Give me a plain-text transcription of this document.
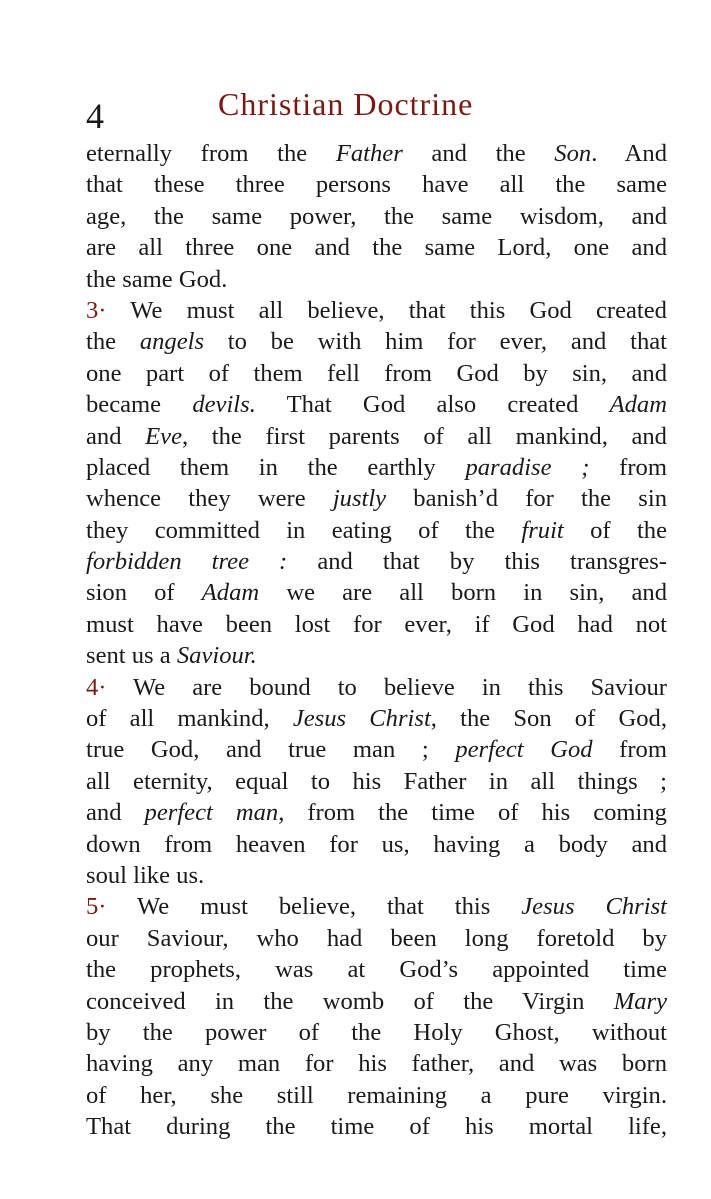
4	Christian Doctrine
eternally from the Father and the Son. And
that these three persons have all the same
age, the same power, the same wisdom, and
are all three one and the same Lord, one and
the same God.
3· We must all believe, that this God created
the angels to be with him for ever, and that
one part of them fell from God by sin, and
became devils. That God also created Adam
and Eve, the first parents of all mankind, and
placed them in the earthly paradise ; from
whence they were justly banish’d for the sin
they committed in eating of the fruit of the
forbidden tree : and that by this transgres-
sion of Adam we are all born in sin, and
must have been lost for ever, if God had not
sent us a Saviour.
4· We are bound to believe in this Saviour
of all mankind, Jesus Christ, the Son of God,
true God, and true man ; perfect God from
all eternity, equal to his Father in all things ;
and perfect man, from the time of his coming
down from heaven for us, having a body and
soul like us.
5· We must believe, that this Jesus Christ
our Saviour, who had been long foretold by
the prophets, was at God’s appointed time
conceived in the womb of the Virgin Mary
by the power of the Holy Ghost, without
having any man for his father, and was born
of her, she still remaining a pure virgin.
That during the time of his mortal life,
